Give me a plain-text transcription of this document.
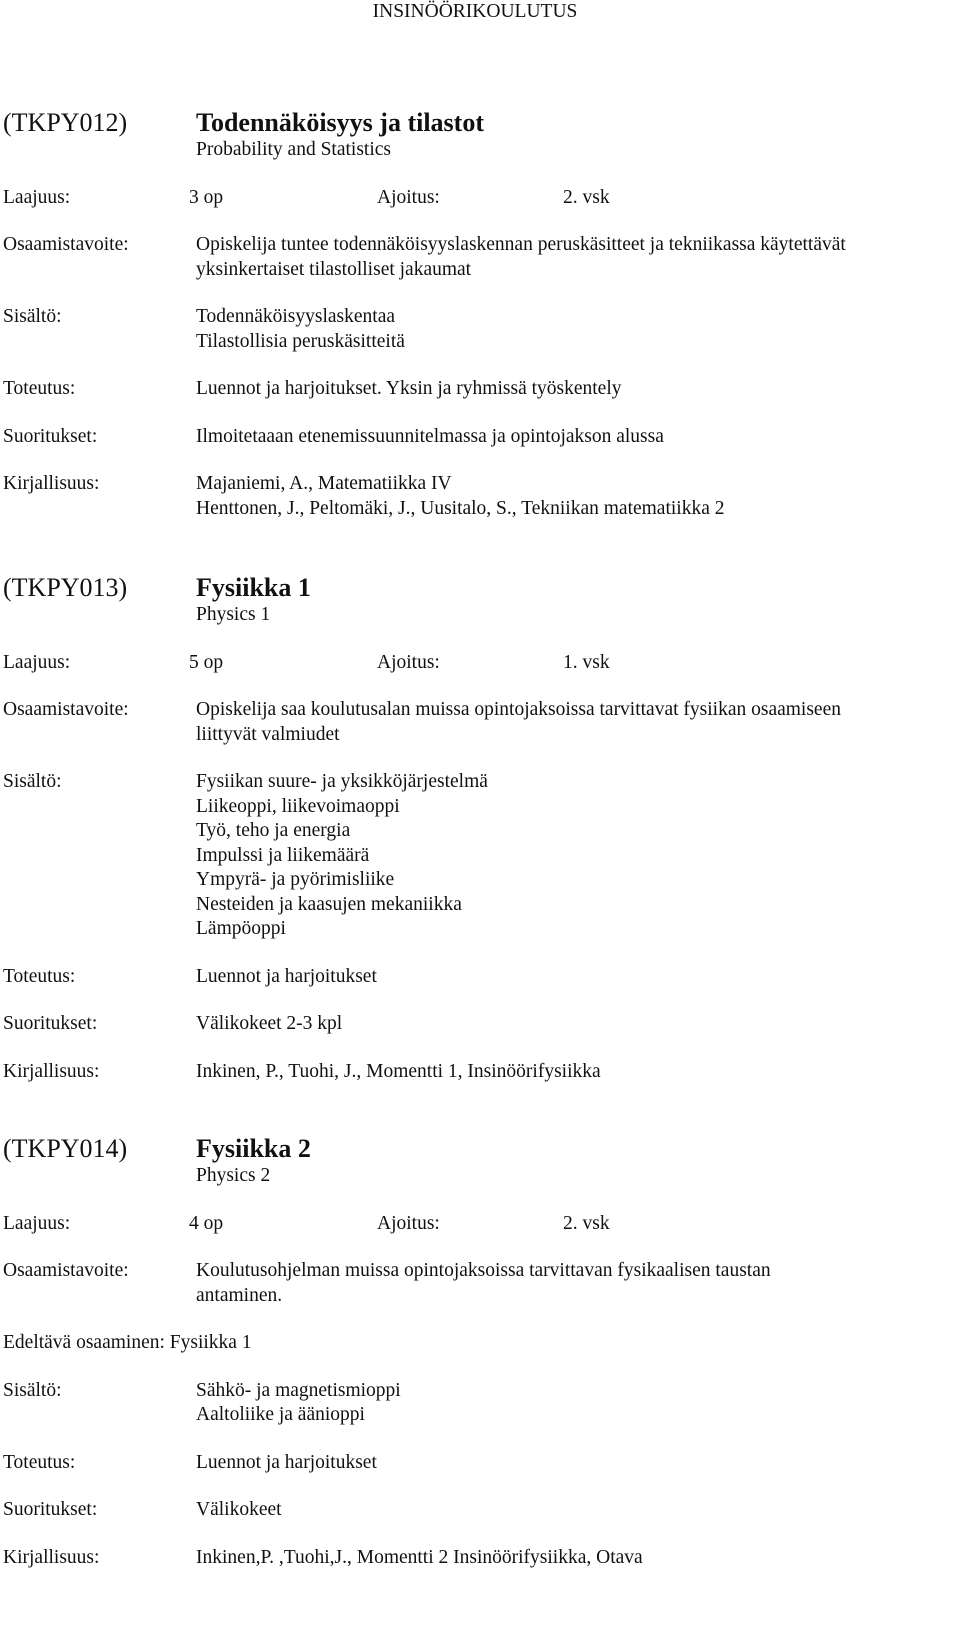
INSINÖÖRIKOULUTUS
(TKPY012)	Todennäköisyys ja tilastot
Probability and Statistics
Laajuus:	3 op	Ajoitus:	2. vsk
Osaamistavoite:	Opiskelija tuntee todennäköisyyslaskennan peruskäsitteet ja tekniikassa käytettävät
yksinkertaiset tilastolliset jakaumat
Sisältö:	Todennäköisyyslaskentaa
Tilastollisia peruskäsitteitä
Toteutus:	Luennot ja harjoitukset. Yksin ja ryhmissä työskentely
Suoritukset:	Ilmoitetaaan etenemissuunnitelmassa ja opintojakson alussa
Kirjallisuus:	Majaniemi, A., Matematiikka IV
Henttonen, J., Peltomäki, J., Uusitalo, S., Tekniikan matematiikka 2
(TKPY013)	Fysiikka 1
Physics 1
Laajuus:	5 op	Ajoitus:	1. vsk
Osaamistavoite:	Opiskelija saa koulutusalan muissa opintojaksoissa tarvittavat fysiikan osaamiseen
liittyvät valmiudet
Sisältö:	Fysiikan suure- ja yksikköjärjestelmä
Liikeoppi, liikevoimaoppi
Työ, teho ja energia
Impulssi ja liikemäärä
Ympyrä- ja pyörimisliike
Nesteiden ja kaasujen mekaniikka
Lämpöoppi
Toteutus:	Luennot ja harjoitukset
Suoritukset:	Välikokeet 2-3 kpl
Kirjallisuus:	Inkinen, P., Tuohi, J., Momentti 1, Insinöörifysiikka
(TKPY014)	Fysiikka 2
Physics 2
Laajuus:	4 op	Ajoitus:	2. vsk
Osaamistavoite:	Koulutusohjelman muissa opintojaksoissa tarvittavan fysikaalisen taustan
antaminen.
Edeltävä osaaminen: Fysiikka 1
Sisältö:	Sähkö- ja magnetismioppi
Aaltoliike ja äänioppi
Toteutus:	Luennot ja harjoitukset
Suoritukset:	Välikokeet
Kirjallisuus:	Inkinen,P. ,Tuohi,J., Momentti 2 Insinöörifysiikka, Otava
